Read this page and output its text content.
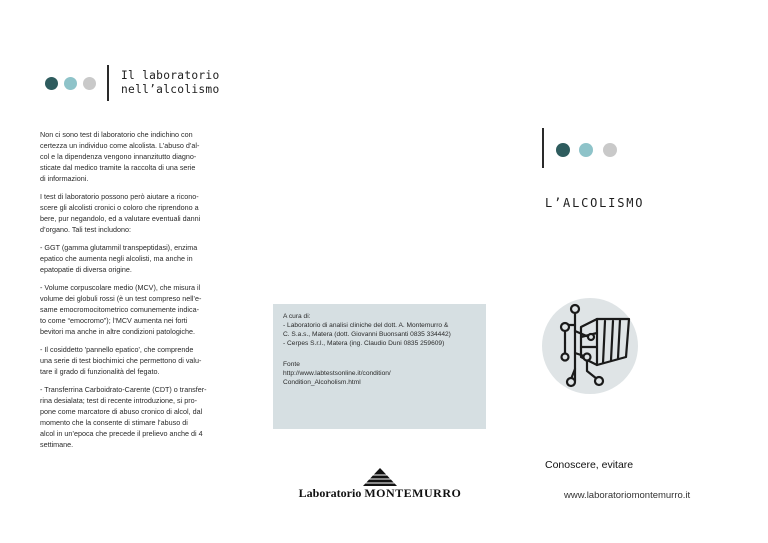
Il laboratorio
nell’alcolismo

Non ci sono test di laboratorio che indichino con
certezza un individuo come alcolista. L’abuso d’al-
col e la dipendenza vengono innanzitutto diagno-
sticate dal medico tramite la raccolta di una serie
di informazioni.

I test di laboratorio possono però aiutare a ricono-
scere gli alcolisti cronici o coloro che riprendono a
bere, pur negandolo, ed a valutare eventuali danni
d’organo. Tali test includono:

- GGT (gamma glutammil transpeptidasi), enzima
epatico che aumenta negli alcolisti, ma anche in
epatopatie di diversa origine.

- Volume corpuscolare medio (MCV), che misura il
volume dei globuli rossi (è un test compreso nell’e-
same emocromocitometrico comunemente indica-
to come “emocromo”); l’MCV aumenta nei forti
bevitori ma anche in altre condizioni patologiche.

- Il cosiddetto 'pannello epatico', che comprende
una serie di test biochimici che permettono di valu-
tare il grado di funzionalità del fegato.

- Transferrina Carboidrato-Carente (CDT) o transfer-
rina desialata; test di recente introduzione, si pro-
pone come marcatore di abuso cronico di alcol, dal
momento che la consente di stimare l’abuso di
alcol in un’epoca che precede il prelievo anche di 4
settimane.

A cura di:
- Laboratorio di analisi cliniche del dott. A. Montemurro &
C. S.a.s., Matera (dott. Giovanni Buonsanti 0835 334442)
- Cerpes S.r.l., Matera (ing. Claudio Duni 0835 259609)
Fonte
http://www.labtestsonline.it/condition/
Condition_Alcoholism.html
Laboratorio MONTEMURRO
L’ALCOLISMO
Conoscere, evitare
www.laboratoriomontemurro.it
